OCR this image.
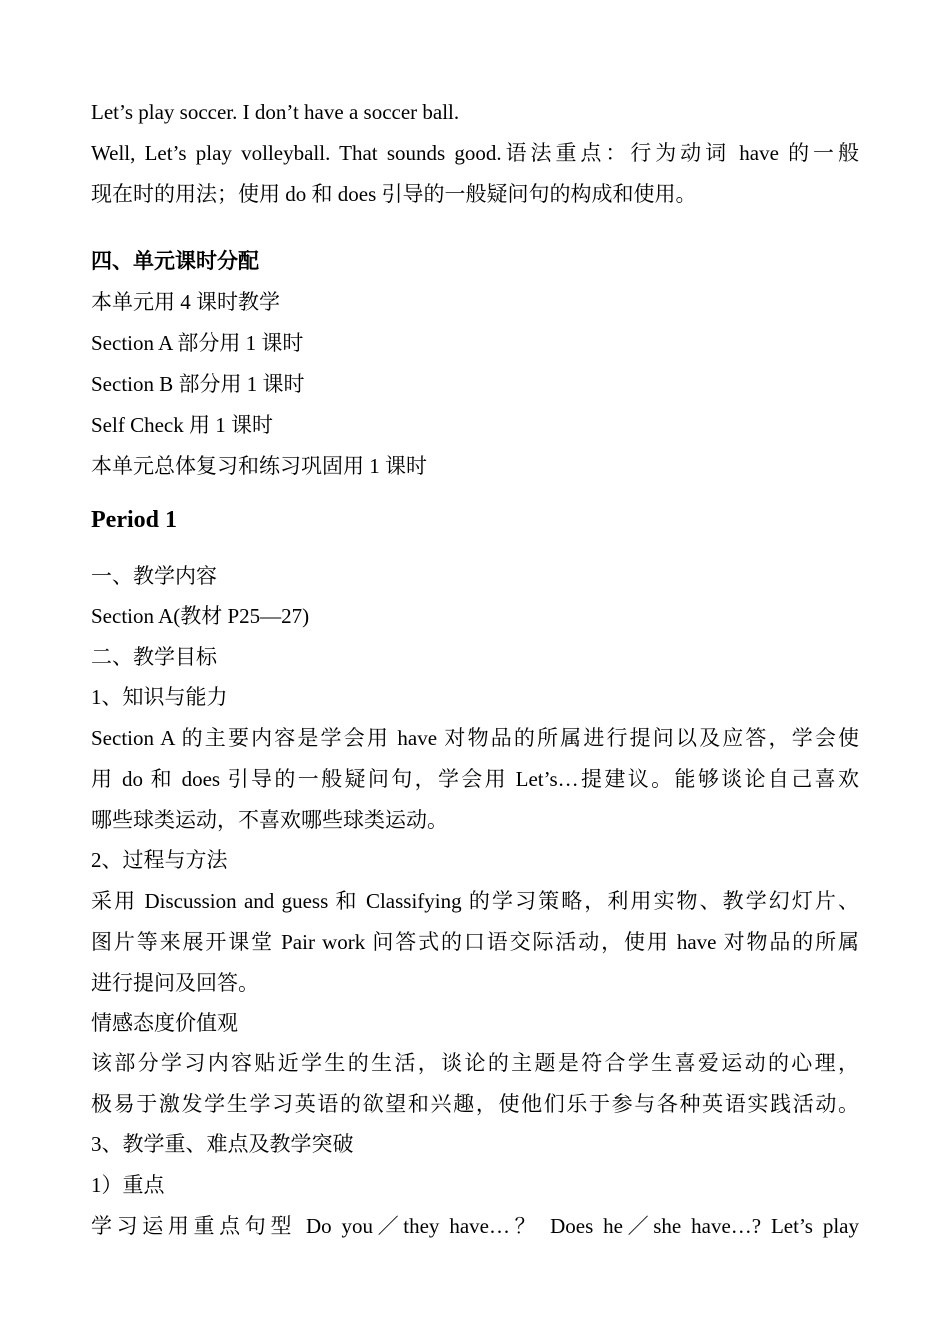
Let’s play soccer. I don’t have a soccer ball.
Well, Let’s play volleyball. That sounds good.语法重点：行为动词 have 的一般
现在时的用法；使用 do 和 does 引导的一般疑问句的构成和使用。
四、单元课时分配
本单元用 4 课时教学
Section A 部分用 1 课时
Section B 部分用 1 课时
Self Check 用 1 课时
本单元总体复习和练习巩固用 1 课时
Period 1
一、教学内容
Section A(教材 P25—27)
二、教学目标
1、知识与能力
Section A 的主要内容是学会用 have 对物品的所属进行提问以及应答，学会使
用 do 和 does 引导的一般疑问句，学会用 Let’s…提建议。能够谈论自己喜欢
哪些球类运动，不喜欢哪些球类运动。
2、过程与方法
采用 Discussion and guess 和 Classifying 的学习策略，利用实物、教学幻灯片、
图片等来展开课堂 Pair work 问答式的口语交际活动，使用 have 对物品的所属
进行提问及回答。
情感态度价值观
该部分学习内容贴近学生的生活，谈论的主题是符合学生喜爱运动的心理，
极易于激发学生学习英语的欲望和兴趣，使他们乐于参与各种英语实践活动。
3、教学重、难点及教学突破
1）重点
学习运用重点句型 Do you／they have…？ Does he／she have…? Let’s play
